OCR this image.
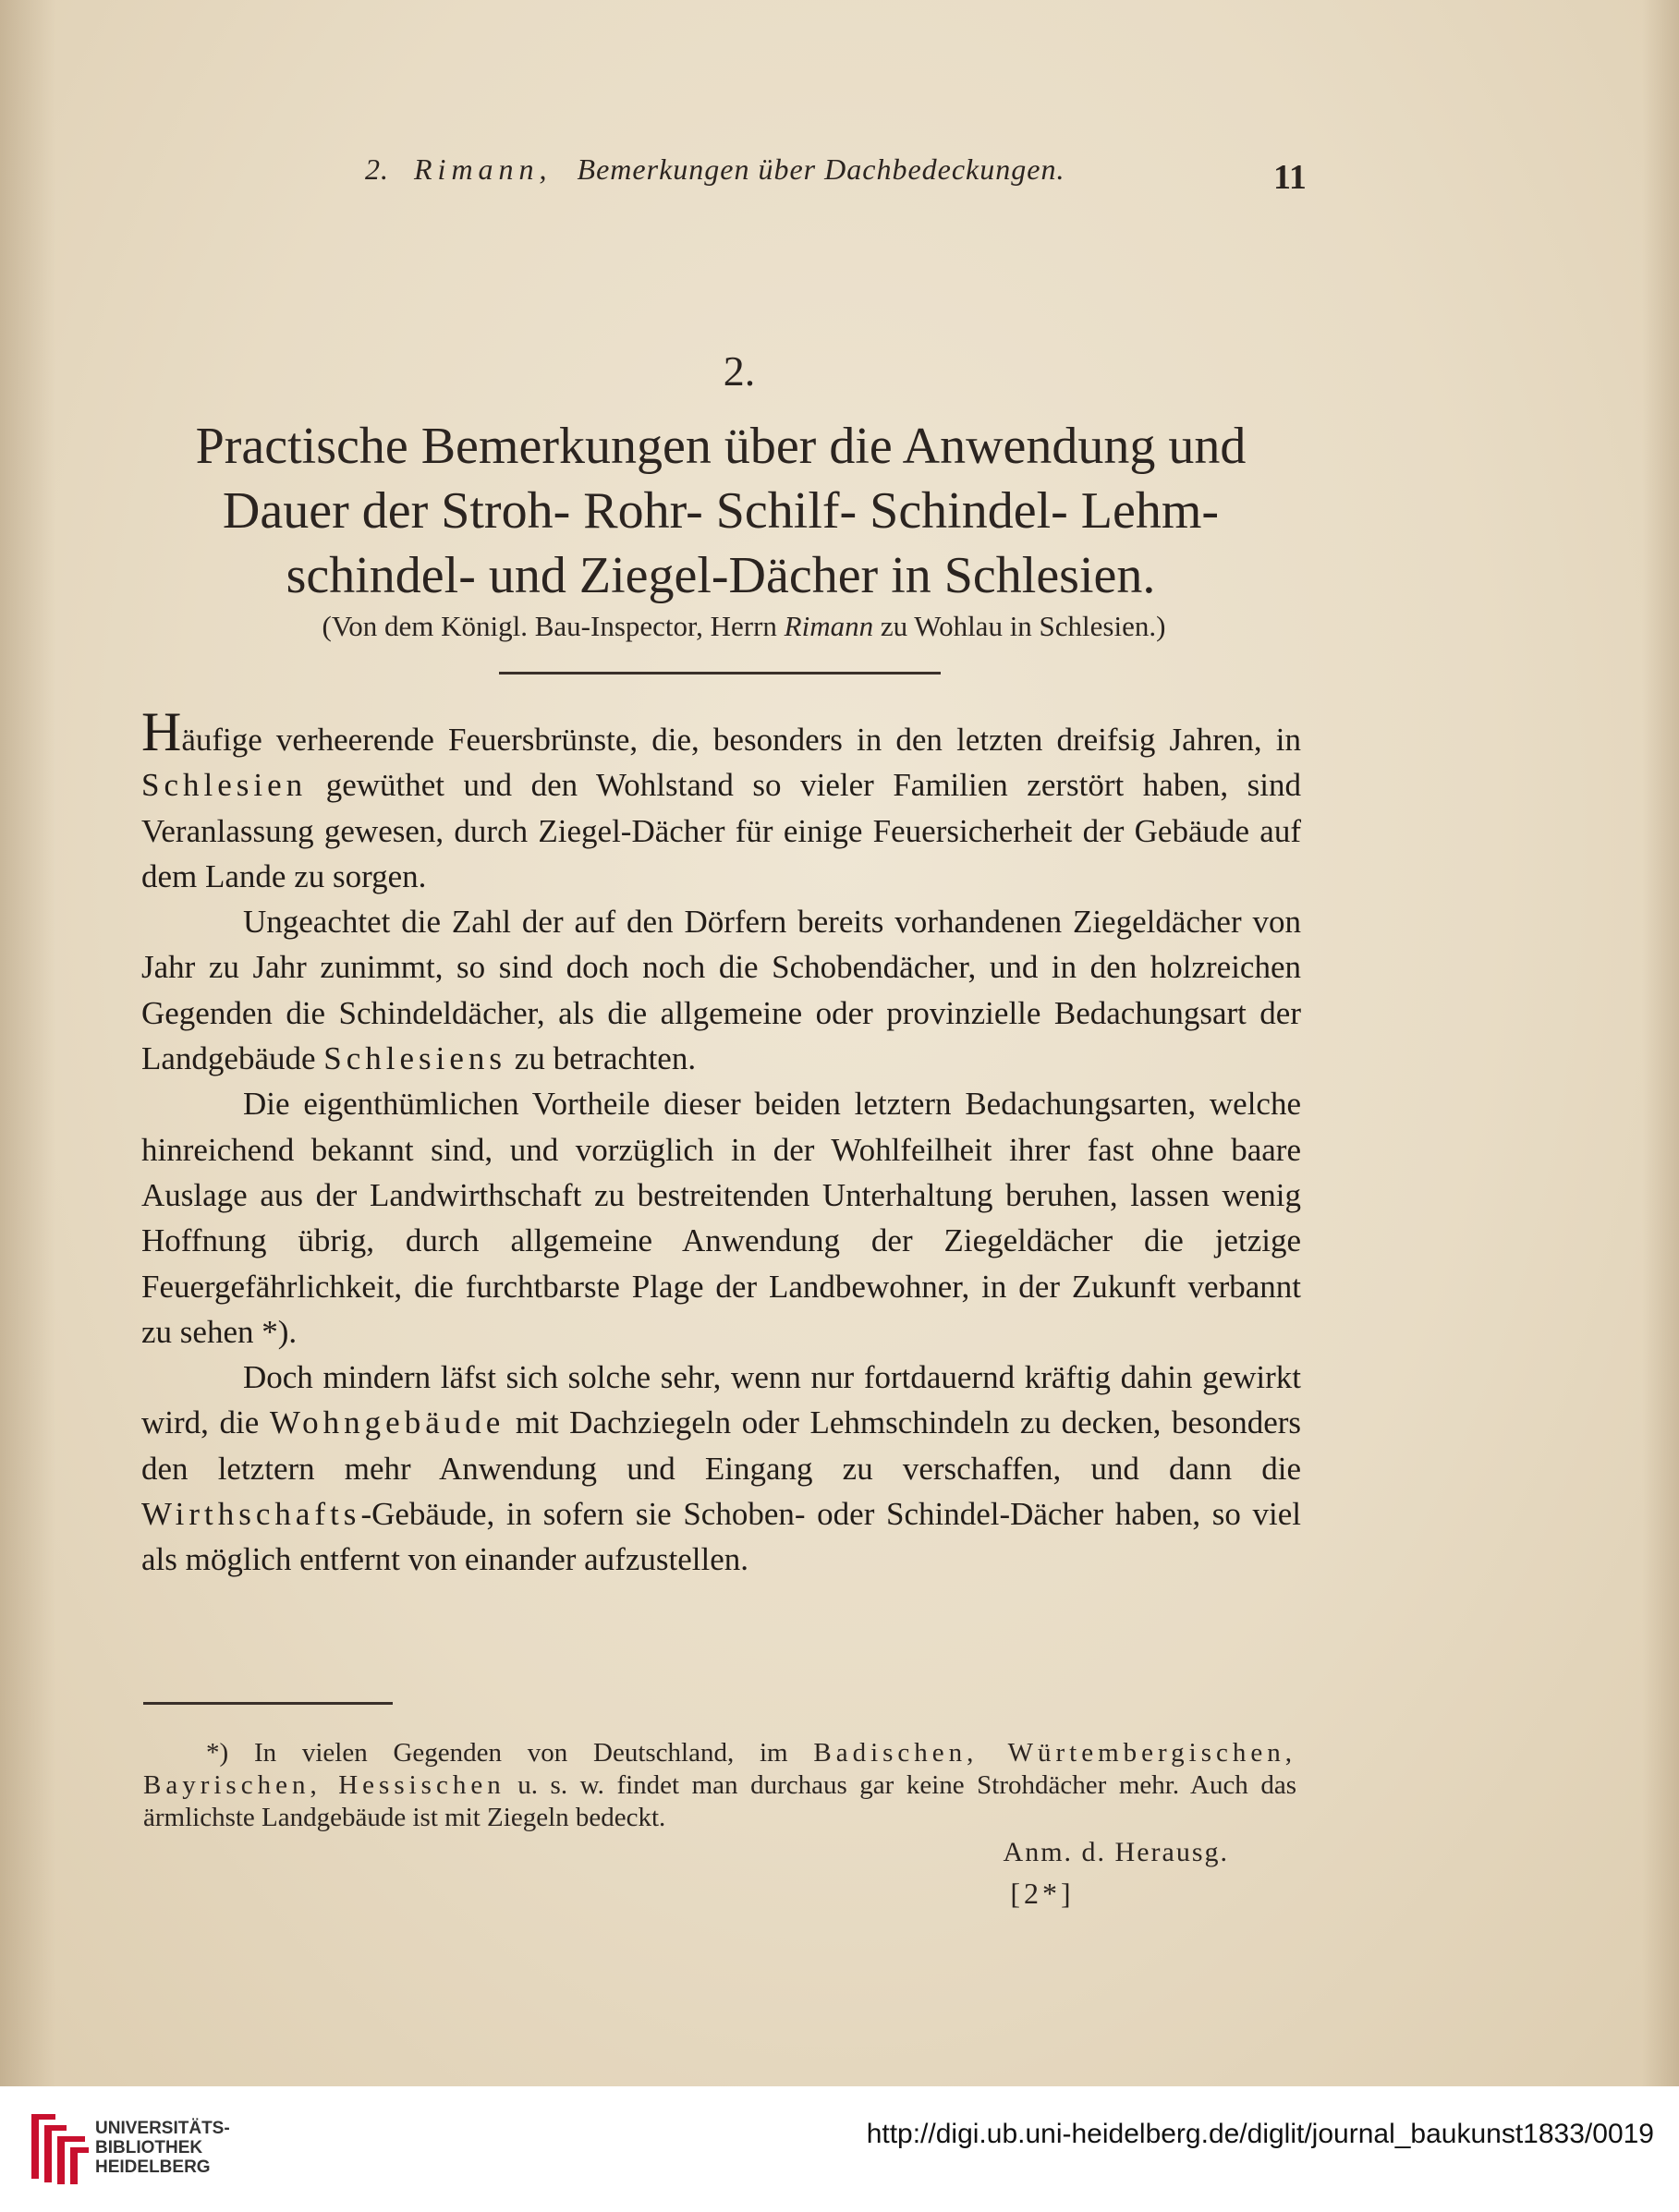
2. Rimann, Bemerkungen über Dachbedeckungen.	11
2.
Practische Bemerkungen über die Anwendung und
Dauer der Stroh- Rohr- Schilf- Schindel- Lehm-
schindel- und Ziegel-Dächer in Schlesien.
(Von dem Königl. Bau-Inspector, Herrn Rimann zu Wohlau in Schlesien.)

Häufige verheerende Feuersbrünste, die, besonders in den letzten dreifsig Jahren, in Schlesien gewüthet und den Wohlstand so vieler Familien zerstört haben, sind Veranlassung gewesen, durch Ziegel-Dächer für einige Feuersicherheit der Gebäude auf dem Lande zu sorgen.

Ungeachtet die Zahl der auf den Dörfern bereits vorhandenen Ziegeldächer von Jahr zu Jahr zunimmt, so sind doch noch die Schobendächer, und in den holzreichen Gegenden die Schindeldächer, als die allgemeine oder provinzielle Bedachungsart der Landgebäude Schlesiens zu betrachten.

Die eigenthümlichen Vortheile dieser beiden letztern Bedachungsarten, welche hinreichend bekannt sind, und vorzüglich in der Wohlfeilheit ihrer fast ohne baare Auslage aus der Landwirthschaft zu bestreitenden Unterhaltung beruhen, lassen wenig Hoffnung übrig, durch allgemeine Anwendung der Ziegeldächer die jetzige Feuergefährlichkeit, die furchtbarste Plage der Landbewohner, in der Zukunft verbannt zu sehen *).

Doch mindern läfst sich solche sehr, wenn nur fortdauernd kräftig dahin gewirkt wird, die Wohngebäude mit Dachziegeln oder Lehmschindeln zu decken, besonders den letztern mehr Anwendung und Eingang zu verschaffen, und dann die Wirthschafts-Gebäude, in sofern sie Schoben- oder Schindel-Dächer haben, so viel als möglich entfernt von einander aufzustellen.

*) In vielen Gegenden von Deutschland, im Badischen, Würtembergischen, Bayrischen, Hessischen u. s. w. findet man durchaus gar keine Strohdächer mehr. Auch das ärmlichste Landgebäude ist mit Ziegeln bedeckt.

Anm. d. Herausg.
[2*]
UNIVERSITÄTS-
BIBLIOTHEK
HEIDELBERG
http://digi.ub.uni-heidelberg.de/diglit/journal_baukunst1833/0019
